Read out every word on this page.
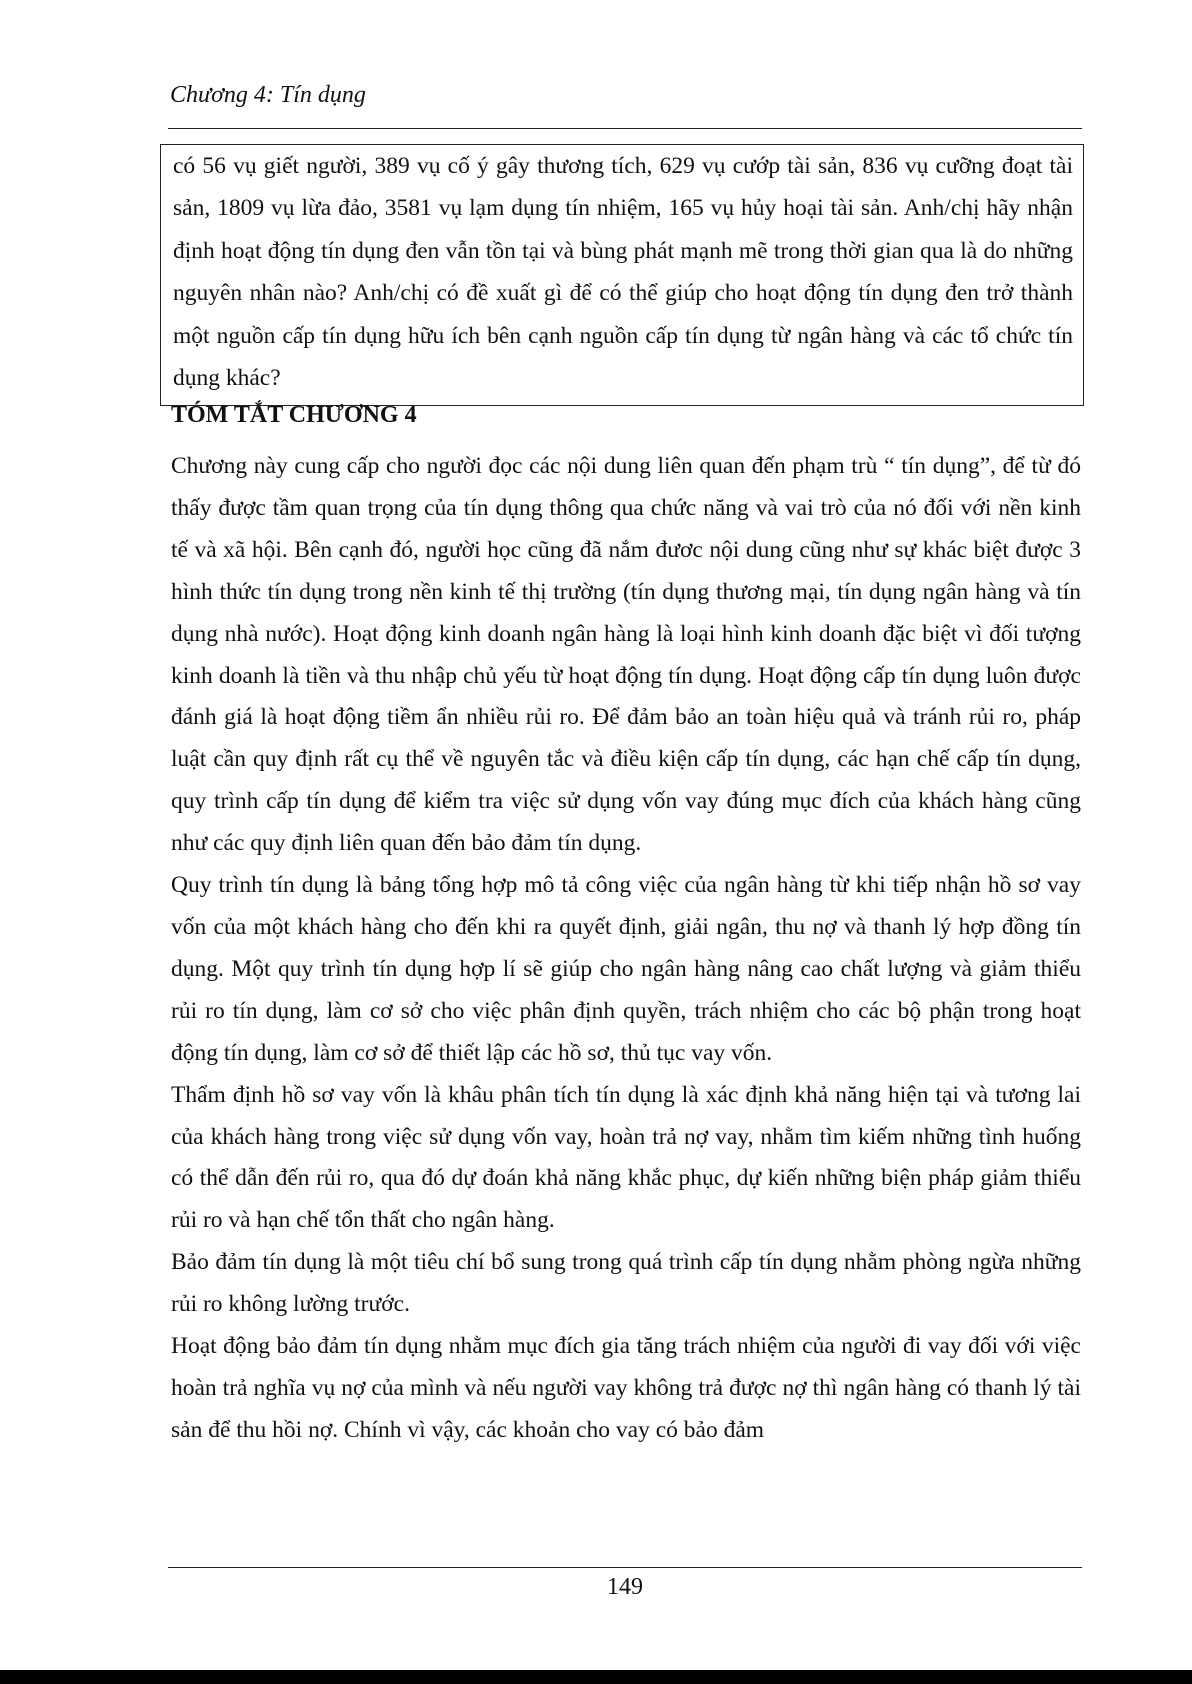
Chương 4: Tín dụng

có 56 vụ giết người, 389 vụ cố ý gây thương tích, 629 vụ cướp tài sản, 836 vụ cưỡng đoạt tài sản, 1809 vụ lừa đảo, 3581 vụ lạm dụng tín nhiệm, 165 vụ hủy hoại tài sản. Anh/chị hãy nhận định hoạt động tín dụng đen vẫn tồn tại và bùng phát mạnh mẽ trong thời gian qua là do những nguyên nhân nào? Anh/chị có đề xuất gì để có thể giúp cho hoạt động tín dụng đen trở thành một nguồn cấp tín dụng hữu ích bên cạnh nguồn cấp tín dụng từ ngân hàng và các tổ chức tín dụng khác?

TÓM TẮT CHƯƠNG 4

Chương này cung cấp cho người đọc các nội dung liên quan đến phạm trù “ tín dụng”, để từ đó thấy được tầm quan trọng của tín dụng thông qua chức năng và vai trò của nó đối với nền kinh tế và xã hội. Bên cạnh đó, người học cũng đã nắm đươc nội dung cũng như sự khác biệt được 3 hình thức tín dụng trong nền kinh tế thị trường (tín dụng thương mại, tín dụng ngân hàng và tín dụng nhà nước). Hoạt động kinh doanh ngân hàng là loại hình kinh doanh đặc biệt vì đối tượng kinh doanh là tiền và thu nhập chủ yếu từ hoạt động tín dụng. Hoạt động cấp tín dụng luôn được đánh giá là hoạt động tiềm ẩn nhiều rủi ro. Để đảm bảo an toàn hiệu quả và tránh rủi ro, pháp luật cần quy định rất cụ thể về nguyên tắc và điều kiện cấp tín dụng, các hạn chế cấp tín dụng, quy trình cấp tín dụng để kiểm tra việc sử dụng vốn vay đúng mục đích của khách hàng cũng như các quy định liên quan đến bảo đảm tín dụng.

Quy trình tín dụng là bảng tổng hợp mô tả công việc của ngân hàng từ khi tiếp nhận hồ sơ vay vốn của một khách hàng cho đến khi ra quyết định, giải ngân, thu nợ và thanh lý hợp đồng tín dụng. Một quy trình tín dụng hợp lí sẽ giúp cho ngân hàng nâng cao chất lượng và giảm thiểu rủi ro tín dụng, làm cơ sở cho việc phân định quyền, trách nhiệm cho các bộ phận trong hoạt động tín dụng, làm cơ sở để thiết lập các hồ sơ, thủ tục vay vốn.

Thẩm định hồ sơ vay vốn là khâu phân tích tín dụng là xác định khả năng hiện tại và tương lai của khách hàng trong việc sử dụng vốn vay, hoàn trả nợ vay, nhằm tìm kiếm những tình huống có thể dẫn đến rủi ro, qua đó dự đoán khả năng khắc phục, dự kiến những biện pháp giảm thiểu rủi ro và hạn chế tổn thất cho ngân hàng.

Bảo đảm tín dụng là một tiêu chí bổ sung trong quá trình cấp tín dụng nhằm phòng ngừa những rủi ro không lường trước.

Hoạt động bảo đảm tín dụng nhằm mục đích gia tăng trách nhiệm của người đi vay đối với việc hoàn trả nghĩa vụ nợ của mình và nếu người vay không trả được nợ thì ngân hàng có thanh lý tài sản để thu hồi nợ. Chính vì vậy, các khoản cho vay có bảo đảm

149
